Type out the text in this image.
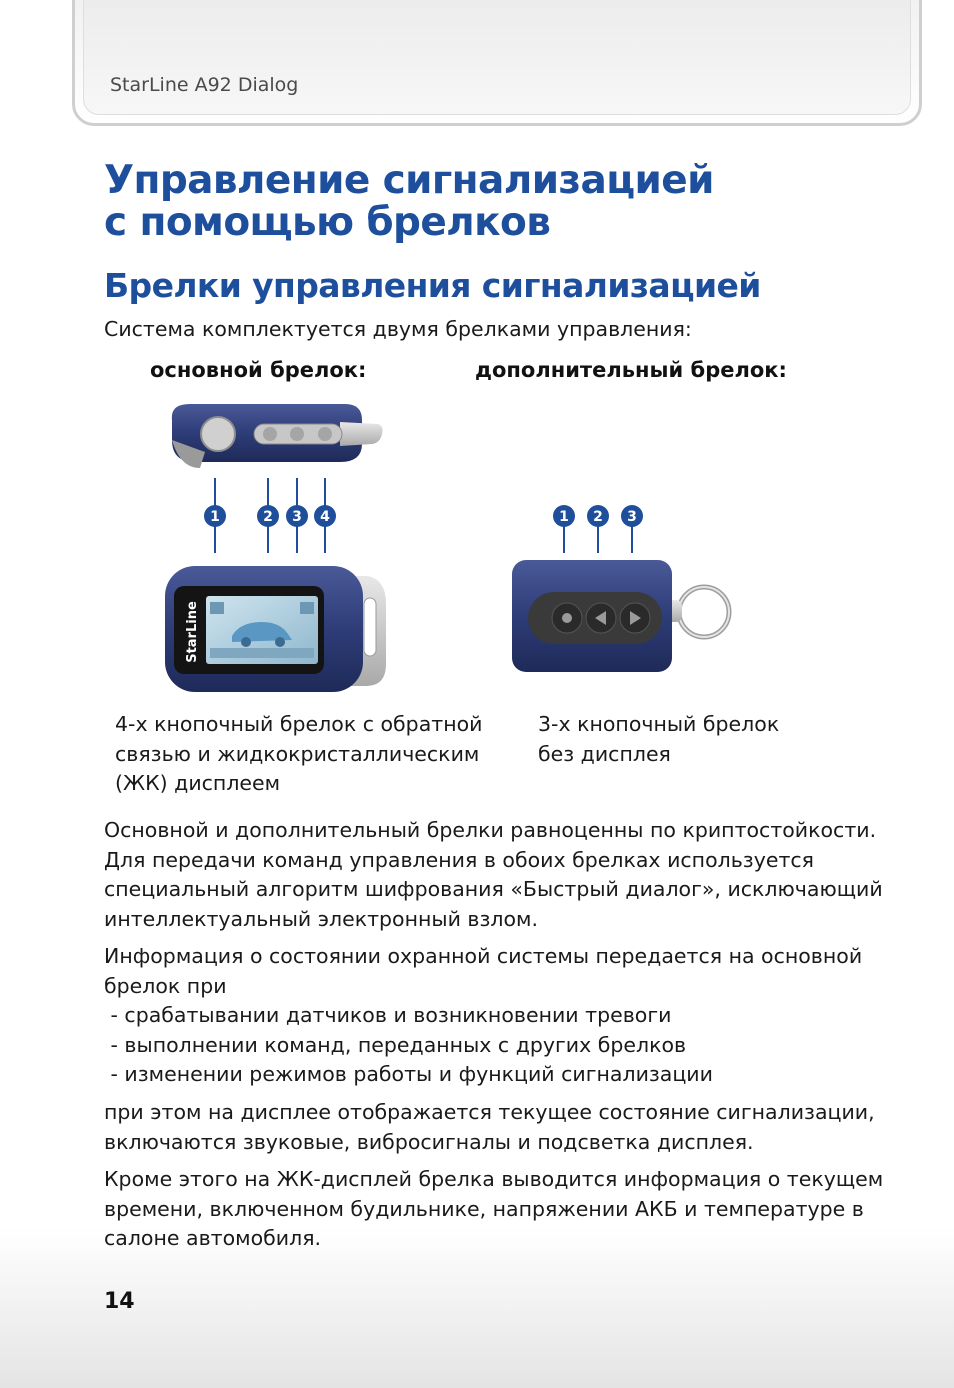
StarLine A92 Dialog
Управление сигнализацией
с помощью брелков
Брелки управления сигнализацией
Система комплектуется двумя брелками управления:
основной брелок:	дополнительный брелок:
1	2 3 4
StarLine
1 2 3
4-х кнопочный брелок с обратной
связью и жидкокристаллическим
(ЖК) дисплеем
3-х кнопочный брелок
без дисплея
Основной и дополнительный брелки равноценны по криптостойкости.
Для передачи команд управления в обоих брелках используется
специальный алгоритм шифрования «Быстрый диалог», исключающий
интеллектуальный электронный взлом.
Информация о состоянии охранной системы передается на основной
брелок при
- срабатывании датчиков и возникновении тревоги
- выполнении команд, переданных с других брелков
- изменении режимов работы и функций сигнализации
при этом на дисплее отображается текущее состояние сигнализации,
включаются звуковые, вибросигналы и подсветка дисплея.
Кроме этого на ЖК-дисплей брелка выводится информация о текущем
времени, включенном будильнике, напряжении АКБ и температуре в
салоне автомобиля.
14
